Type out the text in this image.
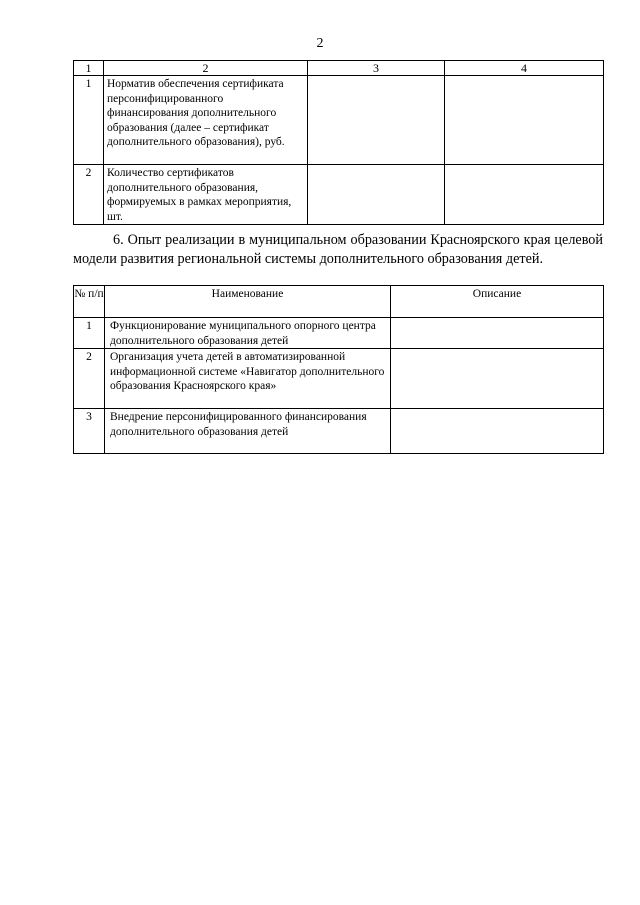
2
1	2	3	4
1	Норматив обеспечения сертификата персонифицированного финансирования дополнительного образования (далее – сертификат дополнительного образования), руб.		
2	Количество сертификатов дополнительного образования, формируемых в рамках мероприятия, шт.		

6. Опыт реализации в муниципальном образовании Красноярского края целевой модели развития региональной системы дополнительного образования детей.

№ п/п	Наименование	Описание
1	Функционирование муниципального опорного центра дополнительного образования детей	
2	Организация учета детей в автоматизированной информационной системе «Навигатор дополнительного образования Красноярского края»	
3	Внедрение персонифицированного финансирования дополнительного образования детей	
